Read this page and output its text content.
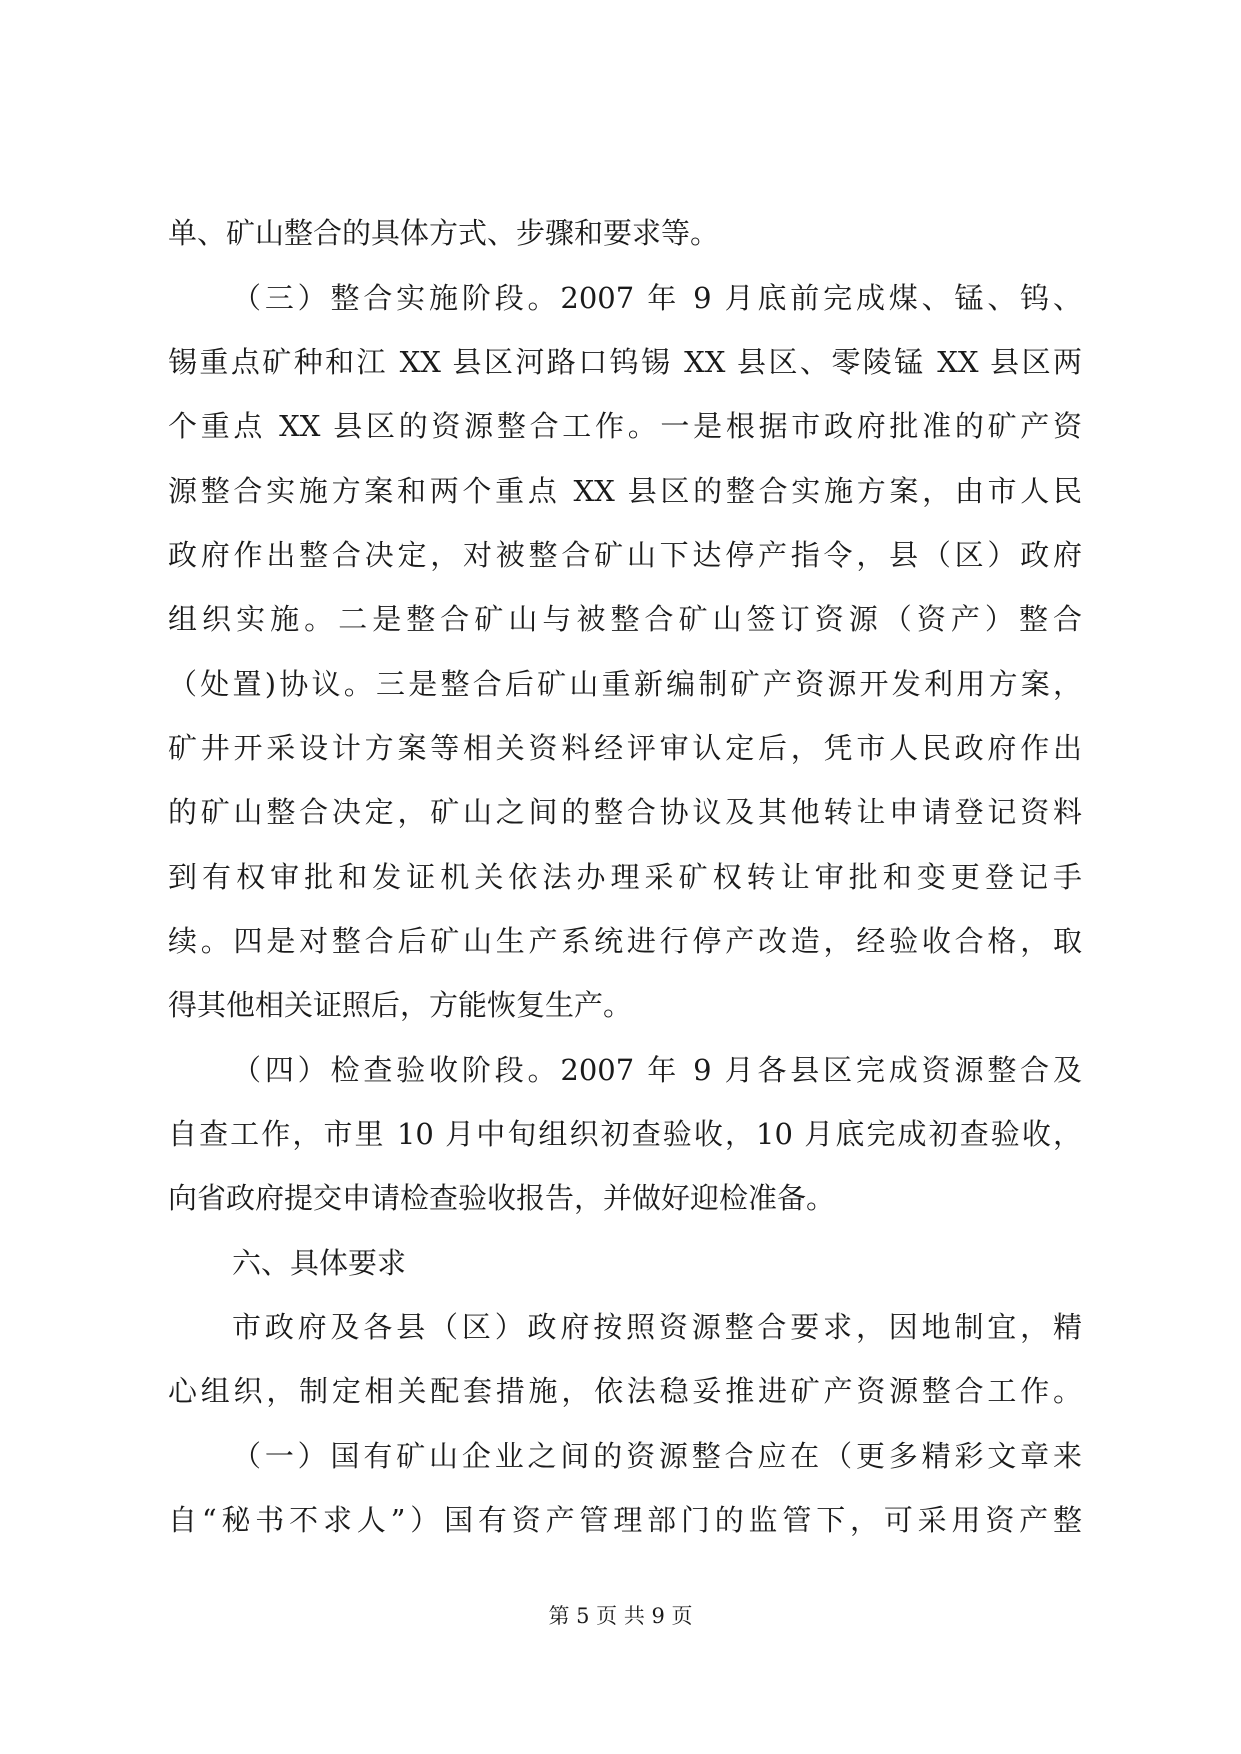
单、矿山整合的具体方式、步骤和要求等。
（三）整合实施阶段。2007 年 9 月底前完成煤、锰、钨、
锡重点矿种和江 XX 县区河路口钨锡 XX 县区、零陵锰 XX 县区两
个重点 XX 县区的资源整合工作。一是根据市政府批准的矿产资
源整合实施方案和两个重点 XX 县区的整合实施方案，由市人民
政府作出整合决定，对被整合矿山下达停产指令，县（区）政府
组织实施。二是整合矿山与被整合矿山签订资源（资产）整合
（处置)协议。三是整合后矿山重新编制矿产资源开发利用方案，
矿井开采设计方案等相关资料经评审认定后，凭市人民政府作出
的矿山整合决定，矿山之间的整合协议及其他转让申请登记资料
到有权审批和发证机关依法办理采矿权转让审批和变更登记手
续。四是对整合后矿山生产系统进行停产改造，经验收合格，取
得其他相关证照后，方能恢复生产。
（四）检查验收阶段。2007 年 9 月各县区完成资源整合及
自查工作，市里 10 月中旬组织初查验收，10 月底完成初查验收，
向省政府提交申请检查验收报告，并做好迎检准备。
六、具体要求
市政府及各县（区）政府按照资源整合要求，因地制宜，精
心组织，制定相关配套措施，依法稳妥推进矿产资源整合工作。
（一）国有矿山企业之间的资源整合应在（更多精彩文章来
自“秘书不求人”）国有资产管理部门的监管下，可采用资产整
第 5 页 共 9 页
